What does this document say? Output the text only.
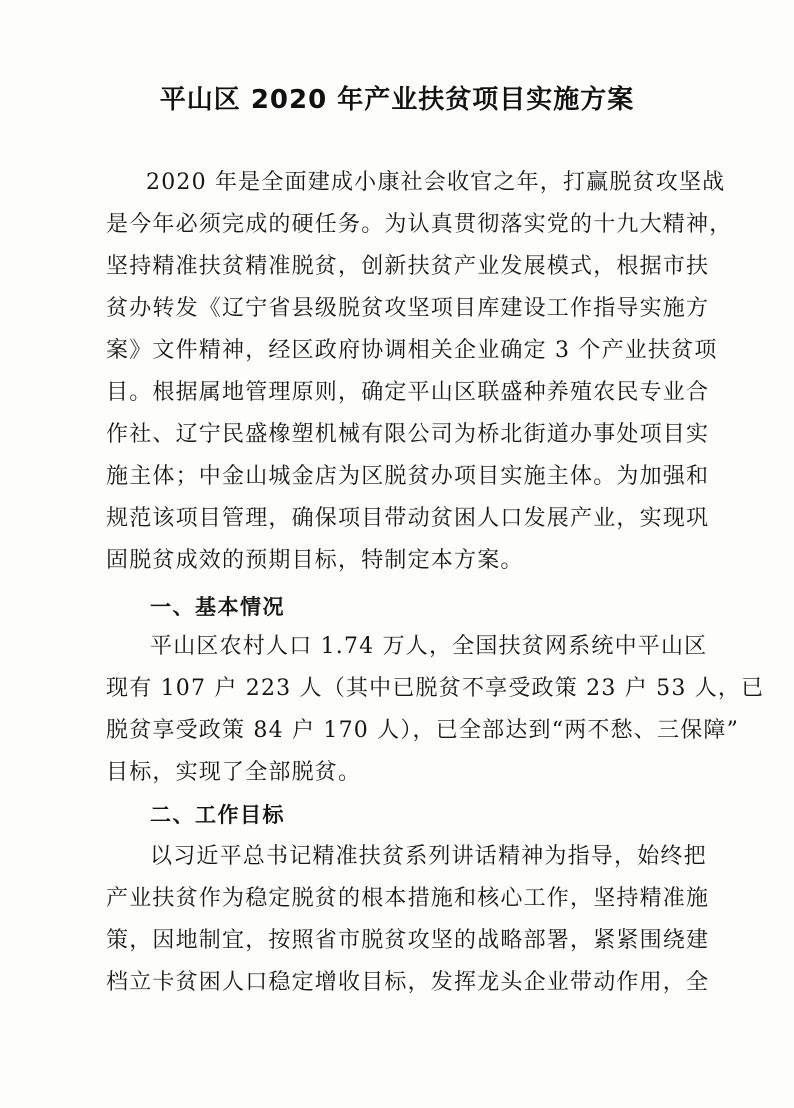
平山区 2020 年产业扶贫项目实施方案
2020 年是全面建成小康社会收官之年，打赢脱贫攻坚战
是今年必须完成的硬任务。为认真贯彻落实党的十九大精神，
坚持精准扶贫精准脱贫，创新扶贫产业发展模式，根据市扶
贫办转发《辽宁省县级脱贫攻坚项目库建设工作指导实施方
案》文件精神，经区政府协调相关企业确定 3 个产业扶贫项
目。根据属地管理原则，确定平山区联盛种养殖农民专业合
作社、辽宁民盛橡塑机械有限公司为桥北街道办事处项目实
施主体；中金山城金店为区脱贫办项目实施主体。为加强和
规范该项目管理，确保项目带动贫困人口发展产业，实现巩
固脱贫成效的预期目标，特制定本方案。
一、基本情况
平山区农村人口 1.74 万人，全国扶贫网系统中平山区
现有 107 户 223 人（其中已脱贫不享受政策 23 户 53 人，已
脱贫享受政策 84 户 170 人），已全部达到“两不愁、三保障”
目标，实现了全部脱贫。
二、工作目标
以习近平总书记精准扶贫系列讲话精神为指导，始终把
产业扶贫作为稳定脱贫的根本措施和核心工作，坚持精准施
策，因地制宜，按照省市脱贫攻坚的战略部署，紧紧围绕建
档立卡贫困人口稳定增收目标，发挥龙头企业带动作用，全
